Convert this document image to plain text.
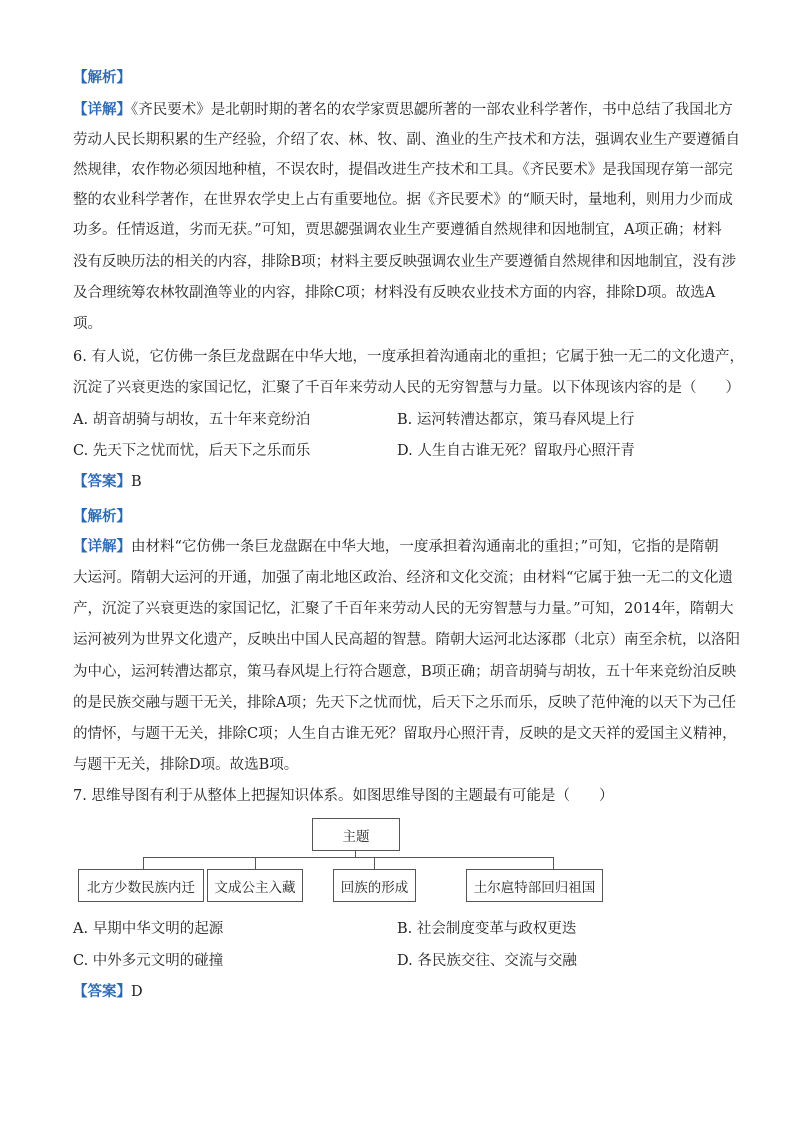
【解析】
【详解】《齐民要术》是北朝时期的著名的农学家贾思勰所著的一部农业科学著作，书中总结了我国北方
劳动人民长期积累的生产经验，介绍了农、林、牧、副、渔业的生产技术和方法，强调农业生产要遵循自
然规律，农作物必须因地种植，不误农时，提倡改进生产技术和工具。《齐民要术》是我国现存第一部完
整的农业科学著作，在世界农学史上占有重要地位。据《齐民要术》的“顺天时，量地利，则用力少而成
功多。任情返道，劣而无获。”可知，贾思勰强调农业生产要遵循自然规律和因地制宜，A项正确；材料
没有反映历法的相关的内容，排除B项；材料主要反映强调农业生产要遵循自然规律和因地制宜，没有涉
及合理统筹农林牧副渔等业的内容，排除C项；材料没有反映农业技术方面的内容，排除D项。故选A
项。
6. 有人说，它仿佛一条巨龙盘踞在中华大地，一度承担着沟通南北的重担；它属于独一无二的文化遗产，
沉淀了兴衰更迭的家国记忆，汇聚了千百年来劳动人民的无穷智慧与力量。以下体现该内容的是（　　）
A. 胡音胡骑与胡妆，五十年来竞纷泊	B. 运河转漕达都京，策马春风堤上行
C. 先天下之忧而忧，后天下之乐而乐	D. 人生自古谁无死？留取丹心照汗青
【答案】B
【解析】
【详解】由材料“它仿佛一条巨龙盘踞在中华大地，一度承担着沟通南北的重担；”可知，它指的是隋朝
大运河。隋朝大运河的开通，加强了南北地区政治、经济和文化交流；由材料“它属于独一无二的文化遗
产，沉淀了兴衰更迭的家国记忆，汇聚了千百年来劳动人民的无穷智慧与力量。”可知，2014年，隋朝大
运河被列为世界文化遗产，反映出中国人民高超的智慧。隋朝大运河北达涿郡（北京）南至余杭，以洛阳
为中心，运河转漕达都京，策马春风堤上行符合题意，B项正确；胡音胡骑与胡妆，五十年来竞纷泊反映
的是民族交融与题干无关，排除A项；先天下之忧而忧，后天下之乐而乐，反映了范仲淹的以天下为己任
的情怀，与题干无关，排除C项；人生自古谁无死？留取丹心照汗青，反映的是文天祥的爱国主义精神，
与题干无关，排除D项。故选B项。
7. 思维导图有利于从整体上把握知识体系。如图思维导图的主题最有可能是（　　）
主题
北方少数民族内迁	文成公主入藏	回族的形成	土尔扈特部回归祖国
A. 早期中华文明的起源	B. 社会制度变革与政权更迭
C. 中外多元文明的碰撞	D. 各民族交往、交流与交融
【答案】D
